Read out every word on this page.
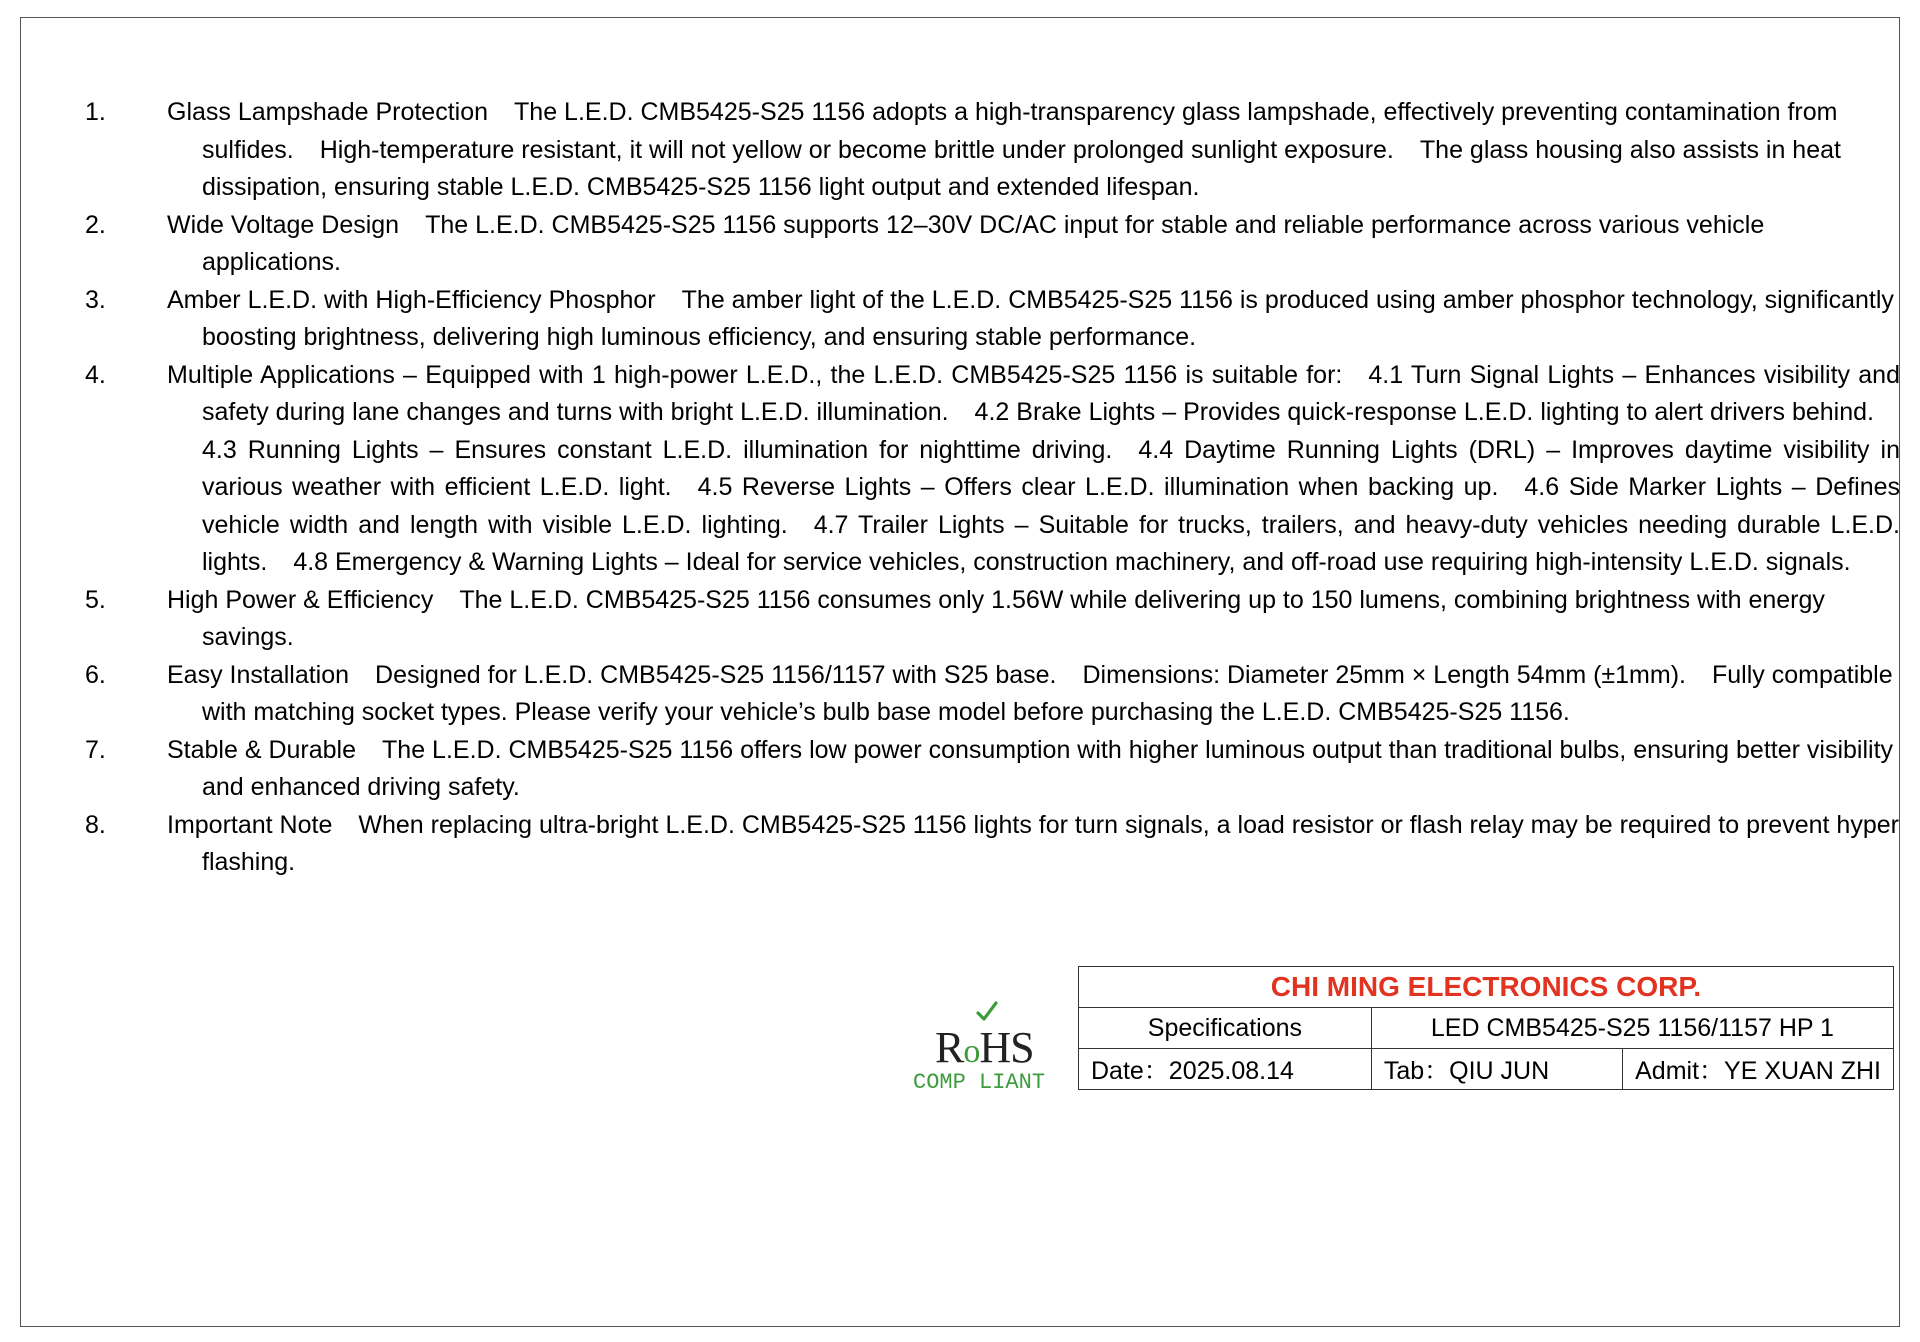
1. Glass Lampshade Protection The L.E.D. CMB5425-S25 1156 adopts a high-transparency glass lampshade, effectively preventing contamination from sulfides. High-temperature resistant, it will not yellow or become brittle under prolonged sunlight exposure. The glass housing also assists in heat dissipation, ensuring stable L.E.D. CMB5425-S25 1156 light output and extended lifespan.
2. Wide Voltage Design The L.E.D. CMB5425-S25 1156 supports 12–30V DC/AC input for stable and reliable performance across various vehicle applications.
3. Amber L.E.D. with High-Efficiency Phosphor The amber light of the L.E.D. CMB5425-S25 1156 is produced using amber phosphor technology, significantly boosting brightness, delivering high luminous efficiency, and ensuring stable performance.
4. Multiple Applications – Equipped with 1 high-power L.E.D., the L.E.D. CMB5425-S25 1156 is suitable for: 4.1 Turn Signal Lights – Enhances visibility and safety during lane changes and turns with bright L.E.D. illumination. 4.2 Brake Lights – Provides quick-response L.E.D. lighting to alert drivers behind.4.3 Running Lights – Ensures constant L.E.D. illumination for nighttime driving. 4.4 Daytime Running Lights (DRL) – Improves daytime visibility in various weather with efficient L.E.D. light. 4.5 Reverse Lights – Offers clear L.E.D. illumination when backing up. 4.6 Side Marker Lights – Defines vehicle width and length with visible L.E.D. lighting. 4.7 Trailer Lights – Suitable for trucks, trailers, and heavy-duty vehicles needing durable L.E.D. lights. 4.8 Emergency & Warning Lights – Ideal for service vehicles, construction machinery, and off-road use requiring high-intensity L.E.D. signals.
5. High Power & Efficiency The L.E.D. CMB5425-S25 1156 consumes only 1.56W while delivering up to 150 lumens, combining brightness with energy savings.
6. Easy Installation Designed for L.E.D. CMB5425-S25 1156/1157 with S25 base. Dimensions: Diameter 25mm × Length 54mm (±1mm). Fully compatible with matching socket types. Please verify your vehicle’s bulb base model before purchasing the L.E.D. CMB5425-S25 1156.
7. Stable & Durable The L.E.D. CMB5425-S25 1156 offers low power consumption with higher luminous output than traditional bulbs, ensuring better visibility and enhanced driving safety.
8. Important Note When replacing ultra-bright L.E.D. CMB5425-S25 1156 lights for turn signals, a load resistor or flash relay may be required to prevent hyper flashing.
RoHS
COMP LIANT
CHI MING ELECTRONICS CORP.		
Specifications	LED CMB5425-S25 1156/1157 HP 1	
Date：2025.08.14	Tab：QIU JUN	Admit：YE XUAN ZHI
